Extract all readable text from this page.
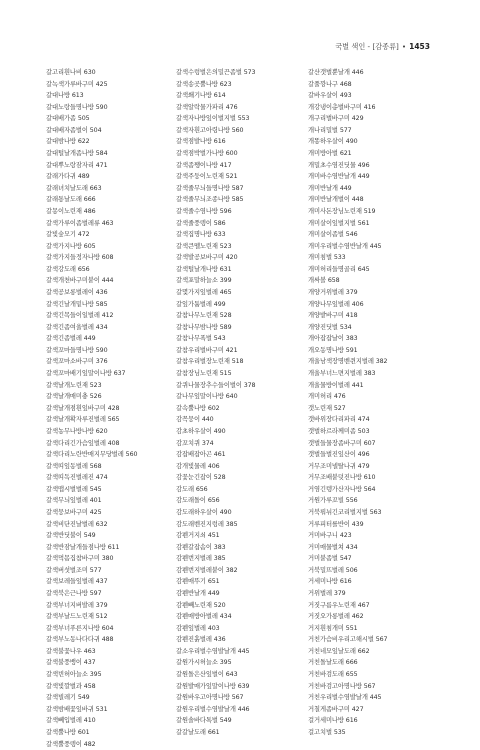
국별 색인 - [감종류] • 1453
갈고리흰나비 630
갈녹색가루바구미 425
갈대나방 613
갈대노랑들명나방 590
갈대배가좀 505
갈대배자좀벌이 504
갈대밤나방 622
갈대털날개좀나방 584
갈대뿌노랑잠자리 471
갈래가다귀 489
갈래녀치날도래 663
갈래통날도래 666
갈몽이노린재 486
갈색가루이좀벌레류 463
갈빛숲모기 472
갈색가지나방 605
갈색가지들정자나방 608
갈색강도래 656
갈색개천바구미붙이 444
갈색공보롱벌레이 436
갈색긴날개밑나방 585
갈색긴목들이일벌레 412
갈색긴좀여울벌레 434
갈색긴좀벌레 449
갈색꼬마들명나방 590
갈색꼬마소바구미 376
갈색꼬마배기잎말이나방 637
갈색날개노린재 523
갈색날개매미충 526
갈색날개점흰잎바구미 428
갈색날개확자루진벌레 565
갈색농무나방나방 620
갈색다리긴가슴잎벌레 408
갈색다리노란반매지무당벌레 560
갈색띠잎동벌레 568
갈색띠독진벌레진 474
갈색맵시벌벌레 545
갈색무늬잎벌레 401
갈색뭉보바구미 425
갈색비단진날벌레 632
갈색반딧불이 549
갈색반잠날개들점나방 611
갈색먹몸집참바구미 380
갈색버섯벌조미 577
갈색보레들잎벌레 437
갈색북은근나방 597
갈색부너지버발레 379
갈색부날드노린재 512
갈색부너푸른지나방 604
갈색부노동나다다귀 488
갈색불꽃나우 463
갈색불풍뱅이 437
갈색빈허아늘소 395
갈색빛깔벌과 458
갈색빌레기 549
갈색밤배꽃잎바귀 531
갈색뻬입벌레 410
갈색뿔나방 601
갈색뿔풍뎅이 482
갈색수렁벌은의밀끈좀벌 573
갈색송곳뿔나방 623
갈색쐐기나방 614
갈색알락물가파리 476
갈색자나방잎이벌지벌 553
갈색자흰고아령나방 560
갈색점발나방 616
갈색점박벌가나방 600
갈색좀쨍이나방 417
갈색주둥이노린재 521
갈색줄무늬들명나방 587
갈색줄무늬조종나방 585
갈색줄수염나방 596
갈색줄풍뎅이 586
갈색집명나방 633
갈색큰뗄노린재 523
갈색발공보바구미 420
갈색털날개나방 631
갈색포말하늘소 399
갈몇가지잎벌레 465
갈잎가툼벌레 499
갈참나무노린재 528
갈참나무밤나방 589
갈참나무폭벌 543
갈참우리벌바구미 421
갈참우리벌장노린재 518
갈참장님노린재 515
갈퀴나물장추수들이벌이 378
갈나무잎말이나방 640
갈속뿔나방 602
감꼭뭉이 440
감초하우살이 490
감꼬치퀴 374
감잡배잡아곤 461
감개빛물레 406
감꽃눈긴잡이 528
감도래 656
감도래돌이 656
감도래하우살이 490
감도래벤진지렁레 385
감펜거지쇠 451
감펜갈잡솜이 383
감펜번지벌레 385
감펜번지벌레붙이 382
감펜매뚜기 651
감펜반날개 449
감펜빼노린재 520
감펜매방아벌레 434
감펜잎벌레 403
감펜진흙벌레 436
갈소우리벌수염발날개 445
갈원가시허늘소 395
갈원돌은산잎벌이 643
갈원발매가잎말이나방 639
갈원바우고아명나방 567
갈원우리벌수염발날개 446
갈원솔바다톡벌 549
갈갈날도래 661
갈산갯벌뿐날개 446
갈풀깡나구 468
갈바우살이 493
개강냉이총벌바구미 416
개구리벌바구미 429
개나리밀벌 577
개똥하우살이 490
개미방아벌 621
개밀초수염진딧물 496
개미바수염반날개 449
개미반날개 449
개미반날개벌이 448
개미사돈장님노린재 519
개미살이잎벌지벌 561
개미살이좀벌 546
개미우리벌수염반날개 445
개미침벌 533
개미허리들명골리 645
개싸볼 658
개양거위벌레 379
개양나무잎벌레 406
개양밭바구미 418
개양진딧벌 534
개아잡잡날이 383
개오동명나방 591
개울남색장명벤쥔지벌레 382
개울부너느면지벌레 383
개울물방이벌레 441
개미허리 476
갯노린재 527
갯바위장다리파리 474
갯벌하르라께미좀 503
갯벌들물장좀바구미 607
갯벌들벌진잎산이 496
거무조미넬탈나귀 479
거무조배붙덧진나방 610
거염긴텡가산자나방 564
거원가루꼬빌 556
거북뤄뉘긴코리벌지벌 563
거루피터를반이 439
거미바구니 423
거미매물벌쳐 434
거미붙좀벌 547
거북밀뜨벌레 506
거세미나방 616
거위벌레 379
거짓구름우노린재 467
거짓오가롱벌레 462
거지흰침개미 551
거친가슴비우리고해시벌 567
거친네모잎날도래 662
거친돌날도래 666
거친바검도래 655
거친바검고아명나방 567
거친우리벌수염발날개 445
거칠게좀바구미 427
걸거세미나방 616
걸고치벌 535
